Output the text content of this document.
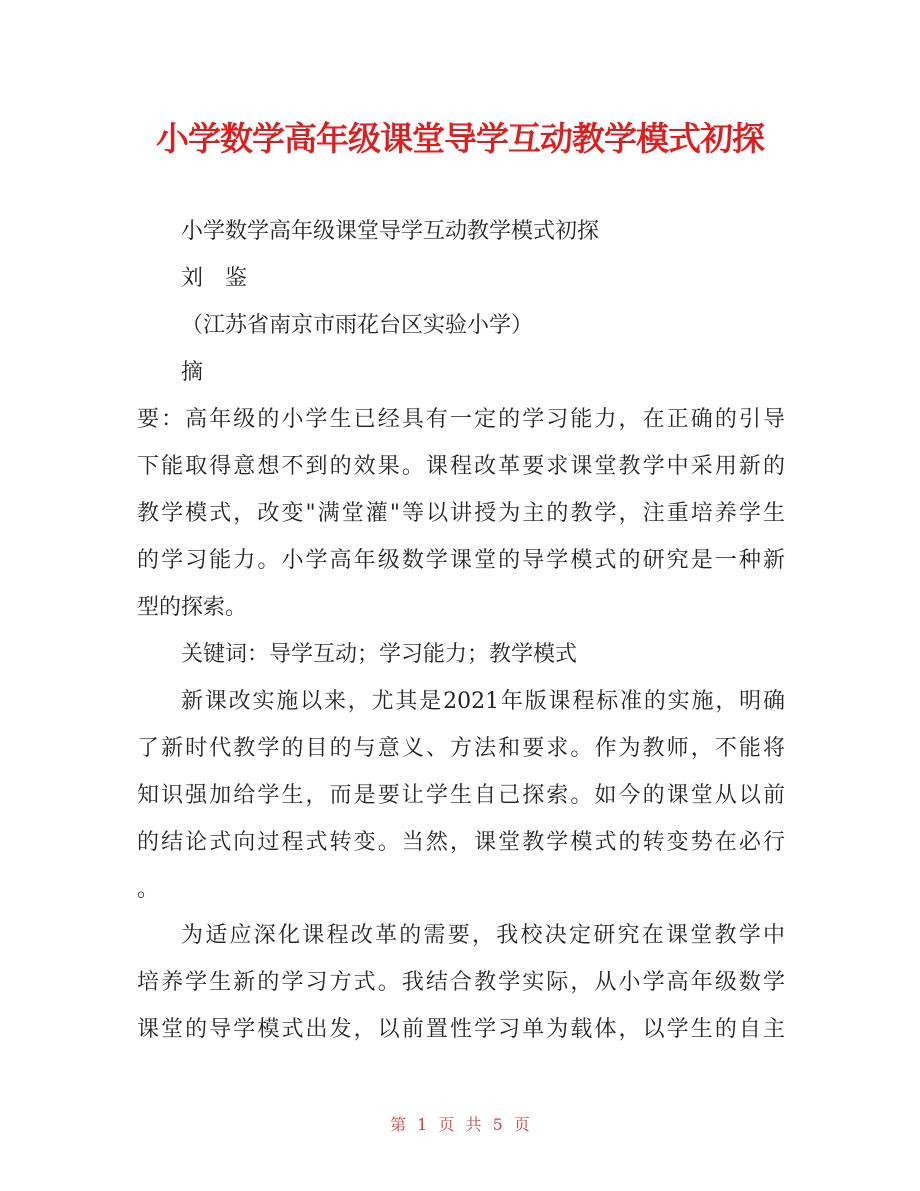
小学数学高年级课堂导学互动教学模式初探
小学数学高年级课堂导学互动教学模式初探
刘鉴
（江苏省南京市雨花台区实验小学）
摘
要：高年级的小学生已经具有一定的学习能力，在正确的引导
下能取得意想不到的效果。课程改革要求课堂教学中采用新的
教学模式，改变"满堂灌"等以讲授为主的教学，注重培养学生
的学习能力。小学高年级数学课堂的导学模式的研究是一种新
型的探索。
关键词：导学互动；学习能力；教学模式
新课改实施以来，尤其是2021年版课程标准的实施，明确
了新时代教学的目的与意义、方法和要求。作为教师，不能将
知识强加给学生，而是要让学生自己探索。如今的课堂从以前
的结论式向过程式转变。当然，课堂教学模式的转变势在必行
。
为适应深化课程改革的需要，我校决定研究在课堂教学中
培养学生新的学习方式。我结合教学实际，从小学高年级数学
课堂的导学模式出发，以前置性学习单为载体，以学生的自主
第 1 页 共 5 页
